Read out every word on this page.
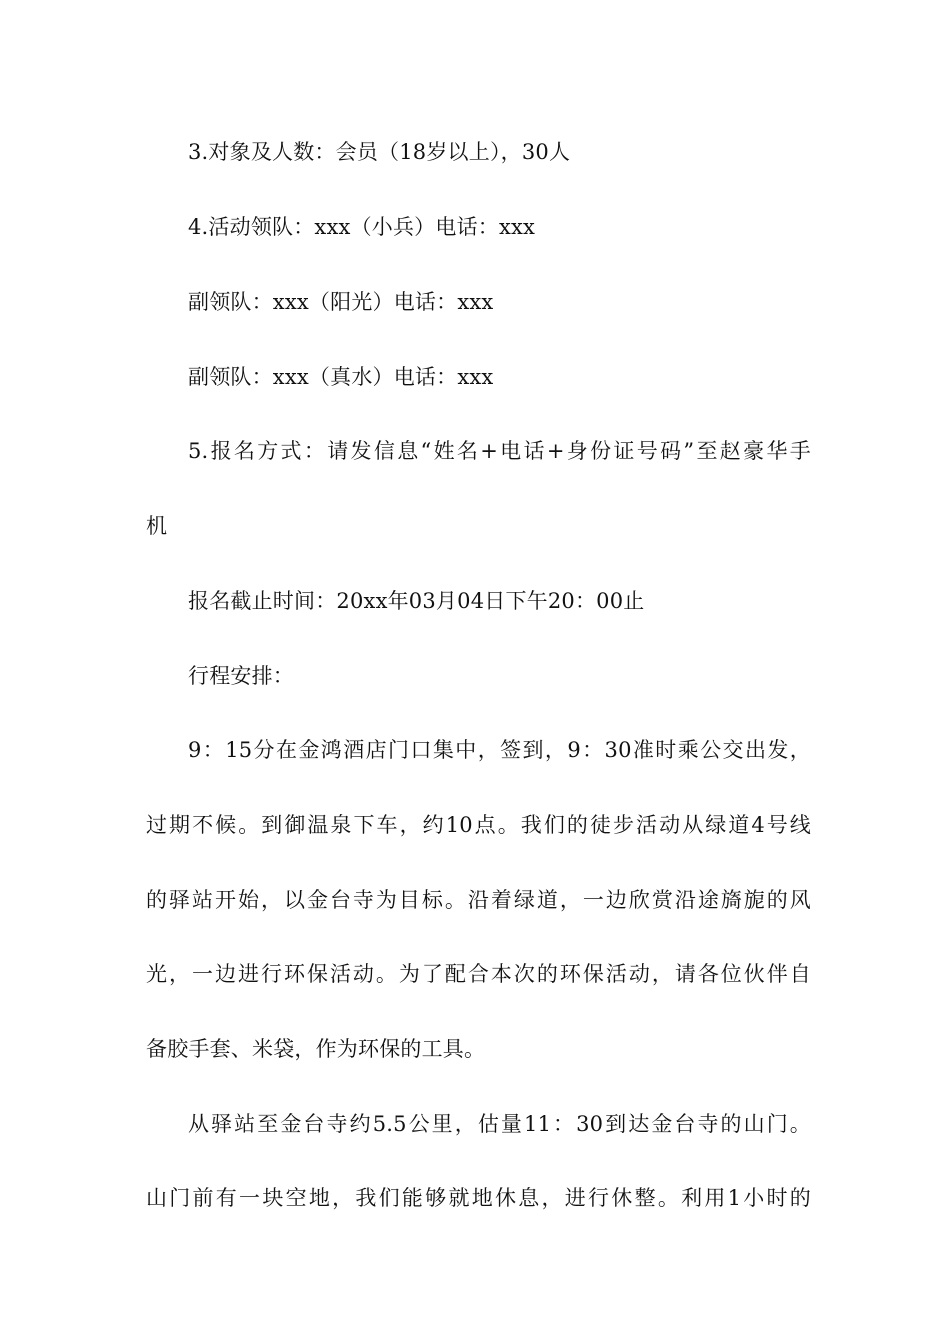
3.对象及人数：会员（18岁以上），30人
4.活动领队：xxx（小兵）电话：xxx
副领队：xxx（阳光）电话：xxx
副领队：xxx（真水）电话：xxx
5.报名方式：请发信息“姓名+电话+身份证号码”至赵豪华手
机
报名截止时间：20xx年03月04日下午20：00止
行程安排：
9：15分在金鸿酒店门口集中，签到，9：30准时乘公交出发，
过期不候。到御温泉下车，约10点。我们的徒步活动从绿道4号线
的驿站开始，以金台寺为目标。沿着绿道，一边欣赏沿途旖旎的风
光，一边进行环保活动。为了配合本次的环保活动，请各位伙伴自
备胶手套、米袋，作为环保的工具。
从驿站至金台寺约5.5公里，估量11：30到达金台寺的山门。
山门前有一块空地，我们能够就地休息，进行休整。利用1小时的
